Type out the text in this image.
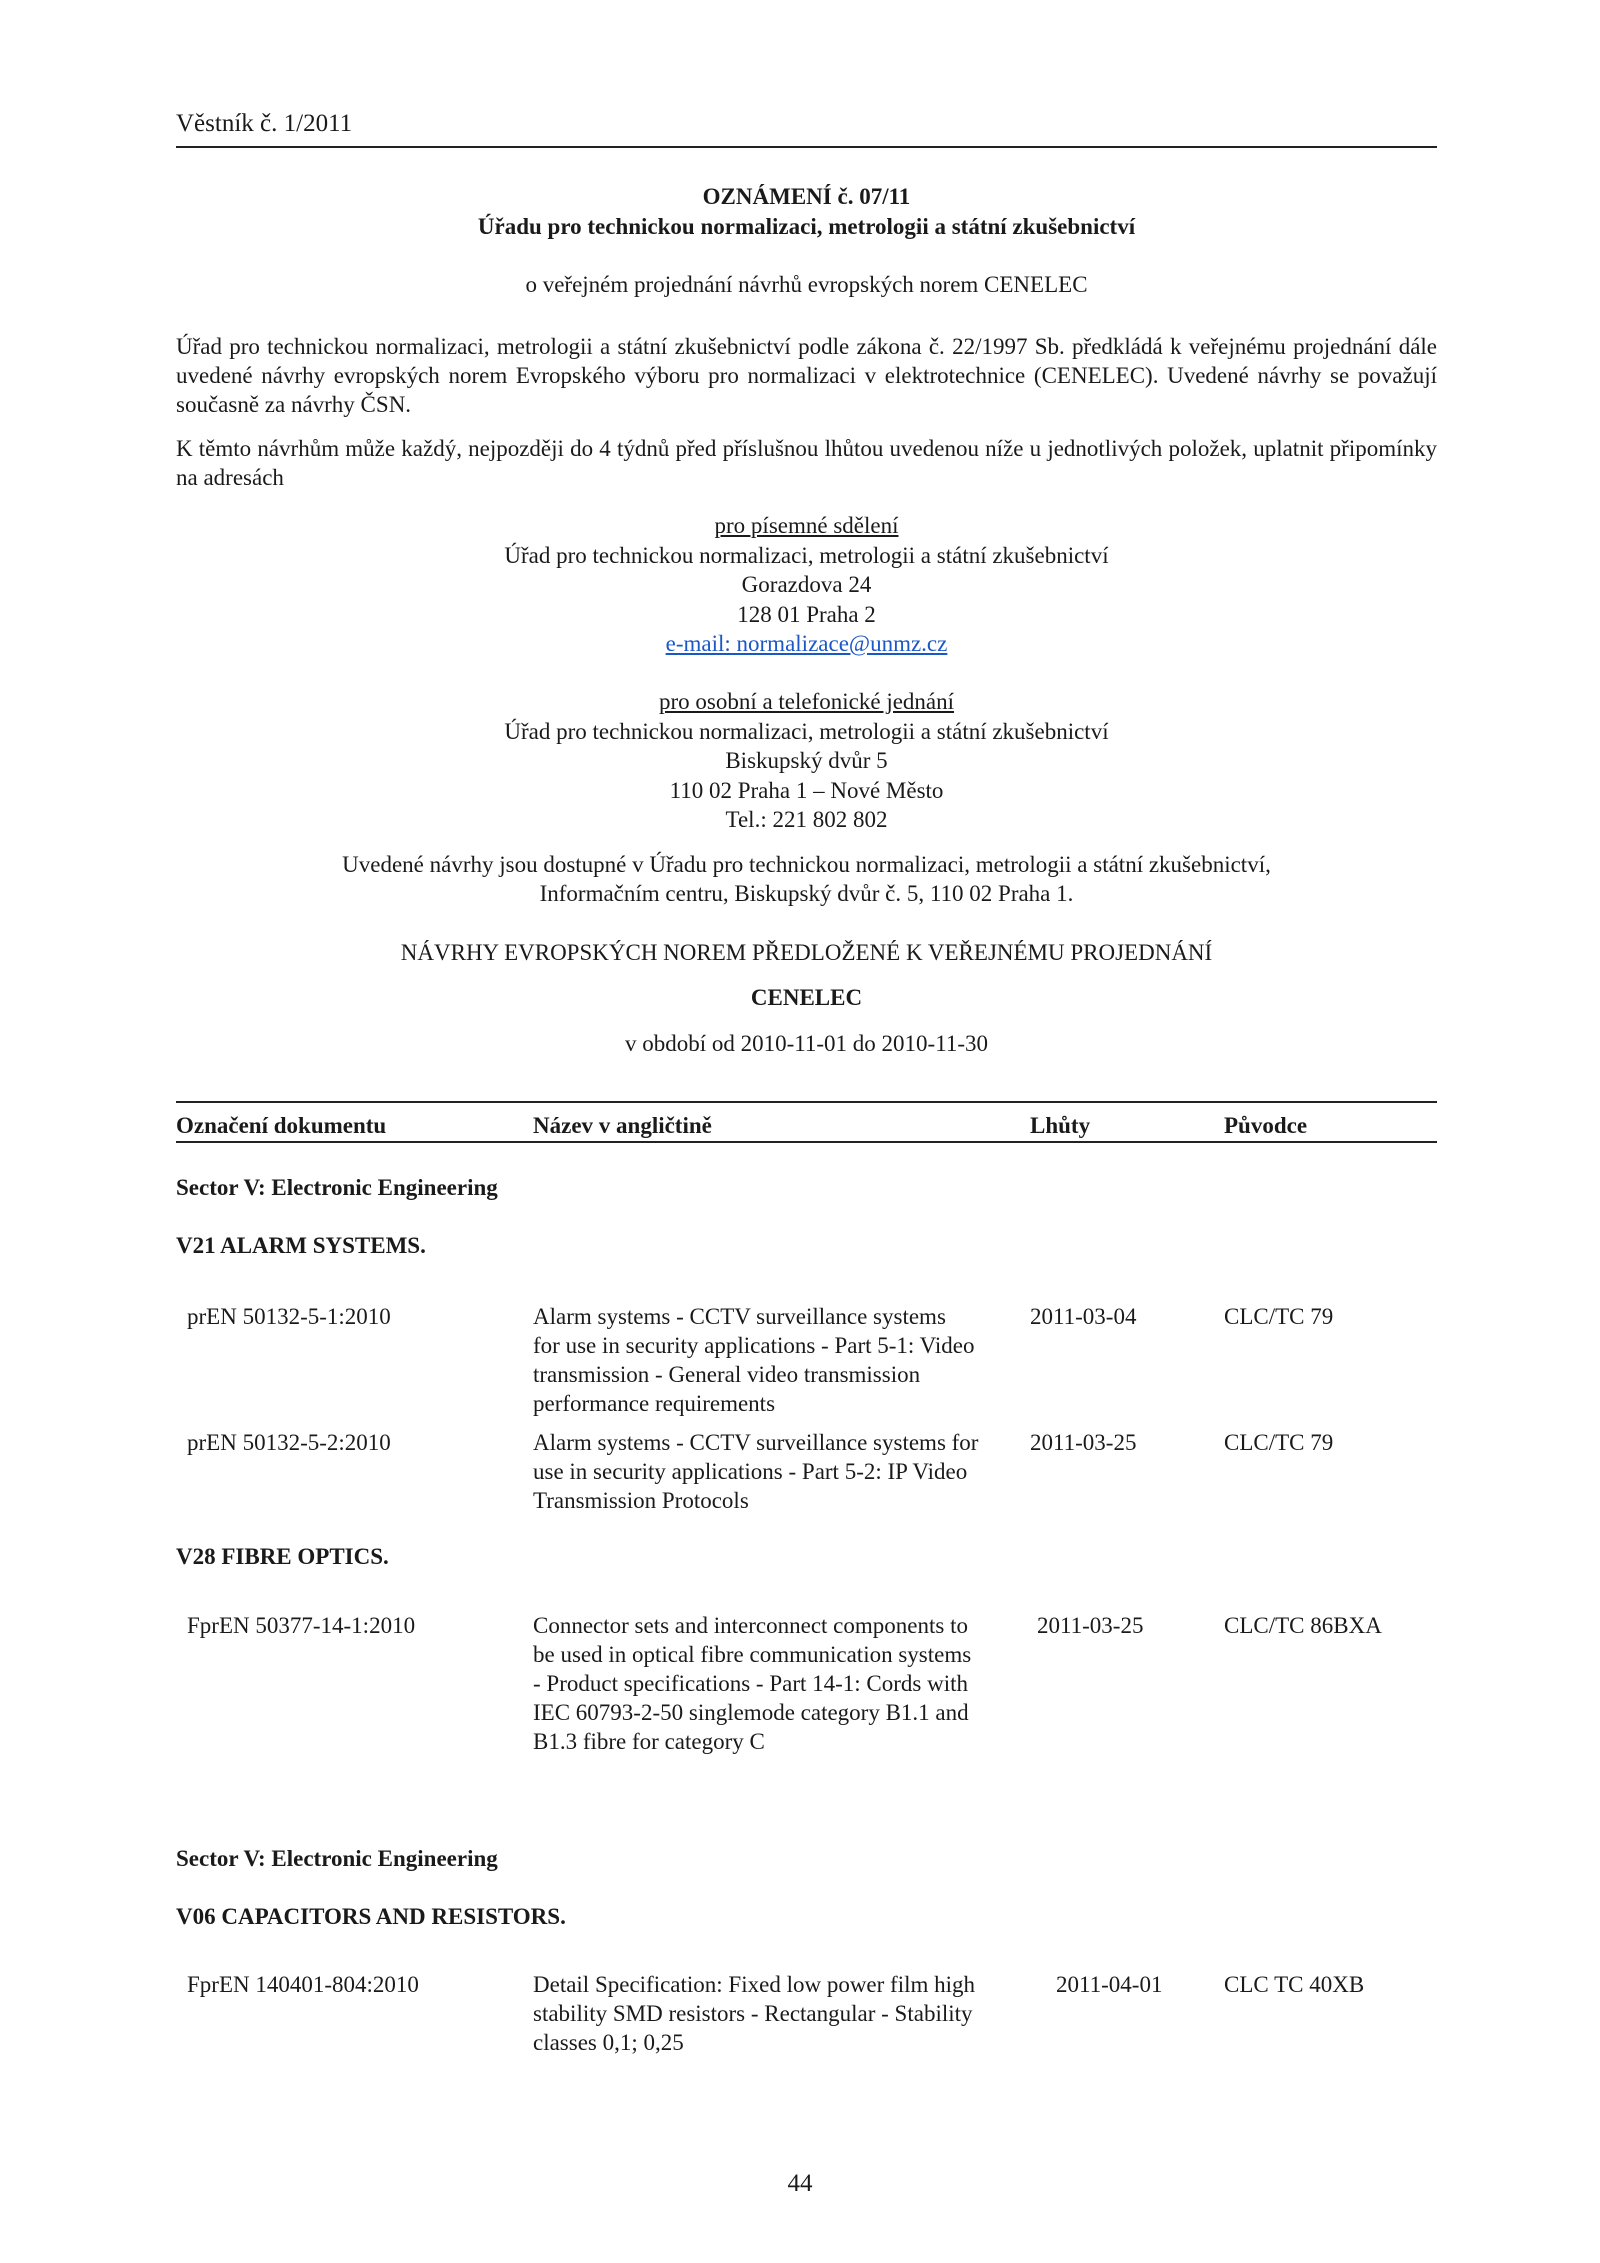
Věstník č. 1/2011
OZNÁMENÍ č. 07/11
Úřadu pro technickou normalizaci, metrologii a státní zkušebnictví
o veřejném projednání návrhů evropských norem CENELEC
Úřad pro technickou normalizaci, metrologii a státní zkušebnictví podle zákona č. 22/1997 Sb. předkládá k veřejnému projednání dále uvedené návrhy evropských norem Evropského výboru pro normalizaci v elektrotechnice (CENELEC). Uvedené návrhy se považují současně za návrhy ČSN.
K těmto návrhům může každý, nejpozději do 4 týdnů před příslušnou lhůtou uvedenou níže u jednotlivých položek, uplatnit připomínky na adresách
pro písemné sdělení
Úřad pro technickou normalizaci, metrologii a státní zkušebnictví
Gorazdova 24
128 01 Praha 2
e-mail: normalizace@unmz.cz
pro osobní a telefonické jednání
Úřad pro technickou normalizaci, metrologii a státní zkušebnictví
Biskupský dvůr 5
110 02 Praha 1 – Nové Město
Tel.: 221 802 802
Uvedené návrhy jsou dostupné v Úřadu pro technickou normalizaci, metrologii a státní zkušebnictví,
Informačním centru, Biskupský dvůr č. 5, 110 02 Praha 1.
NÁVRHY EVROPSKÝCH NOREM PŘEDLOŽENÉ K VEŘEJNÉMU PROJEDNÁNÍ
CENELEC
v období od 2010-11-01 do 2010-11-30
Označení dokumentu	Název v angličtině	Lhůty	Původce
Sector V: Electronic Engineering
V21 ALARM SYSTEMS.
prEN 50132-5-1:2010	Alarm systems - CCTV surveillance systems
for use in security applications - Part 5-1: Video
transmission - General video transmission
performance requirements
2011-03-04	CLC/TC 79
prEN 50132-5-2:2010	Alarm systems - CCTV surveillance systems for
use in security applications - Part 5-2: IP Video
Transmission Protocols
2011-03-25	CLC/TC 79
V28 FIBRE OPTICS.
FprEN 50377-14-1:2010	Connector sets and interconnect components to
be used in optical fibre communication systems
- Product specifications - Part 14-1: Cords with
IEC 60793-2-50 singlemode category B1.1 and
B1.3 fibre for category C
2011-03-25	CLC/TC 86BXA
Sector V: Electronic Engineering
V06 CAPACITORS AND RESISTORS.
FprEN 140401-804:2010	Detail Specification: Fixed low power film high
stability SMD resistors - Rectangular - Stability
classes 0,1; 0,25
2011-04-01	CLC TC 40XB
44
